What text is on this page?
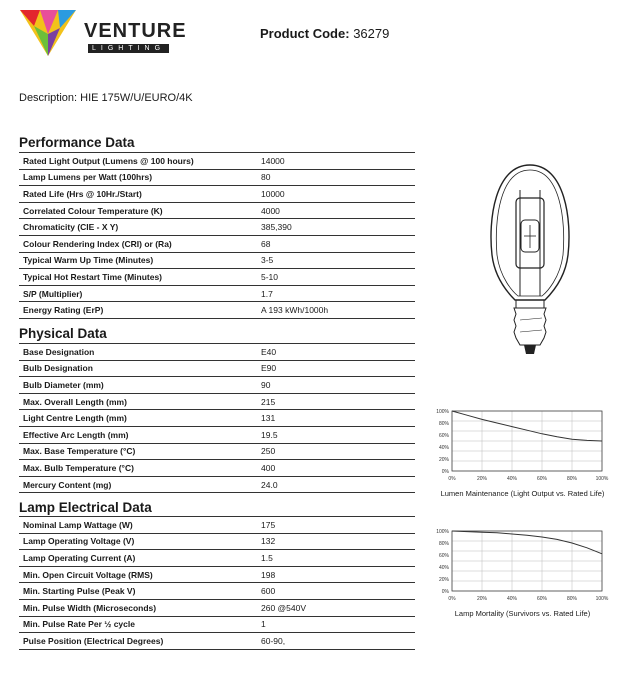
VENTURE
LIGHTING
Product Code: 36279
Description: HIE 175W/U/EURO/4K
Performance Data
Rated Light Output (Lumens @ 100 hours)	14000
Lamp Lumens per Watt (100hrs)	80
Rated Life (Hrs @ 10Hr./Start)	10000
Correlated Colour Temperature (K)	4000
Chromaticity (CIE - X Y)	385,390
Colour Rendering Index (CRI) or (Ra)	68
Typical Warm Up Time (Minutes)	3-5
Typical Hot Restart Time (Minutes)	5-10
S/P (Multiplier)	1.7
Energy Rating (ErP)	A 193 kWh/1000h
Physical Data
Base Designation	E40
Bulb Designation	E90
Bulb Diameter (mm)	90
Max. Overall Length (mm)	215
Light Centre Length (mm)	131
Effective Arc Length (mm)	19.5
Max. Base Temperature (°C)	250
Max. Bulb Temperature (°C)	400
Mercury Content (mg)	24.0
Lamp Electrical Data
Nominal Lamp Wattage (W)	175
Lamp Operating Voltage (V)	132
Lamp Operating Current (A)	1.5
Min. Open Circuit Voltage (RMS)	198
Min. Starting Pulse (Peak V)	600
Min. Pulse Width (Microseconds)	260 @540V
Min. Pulse Rate Per ½ cycle	1
Pulse Position (Electrical Degrees)	60-90,
100%
80%
60%
40%
20%
0%
0%	20%	40%	60%	80%	100%
Lumen Maintenance (Light Output vs. Rated Life)
100%
80%
60%
40%
20%
0%
0%	20%	40%	60%	80%	100%
Lamp Mortality (Survivors vs. Rated Life)
